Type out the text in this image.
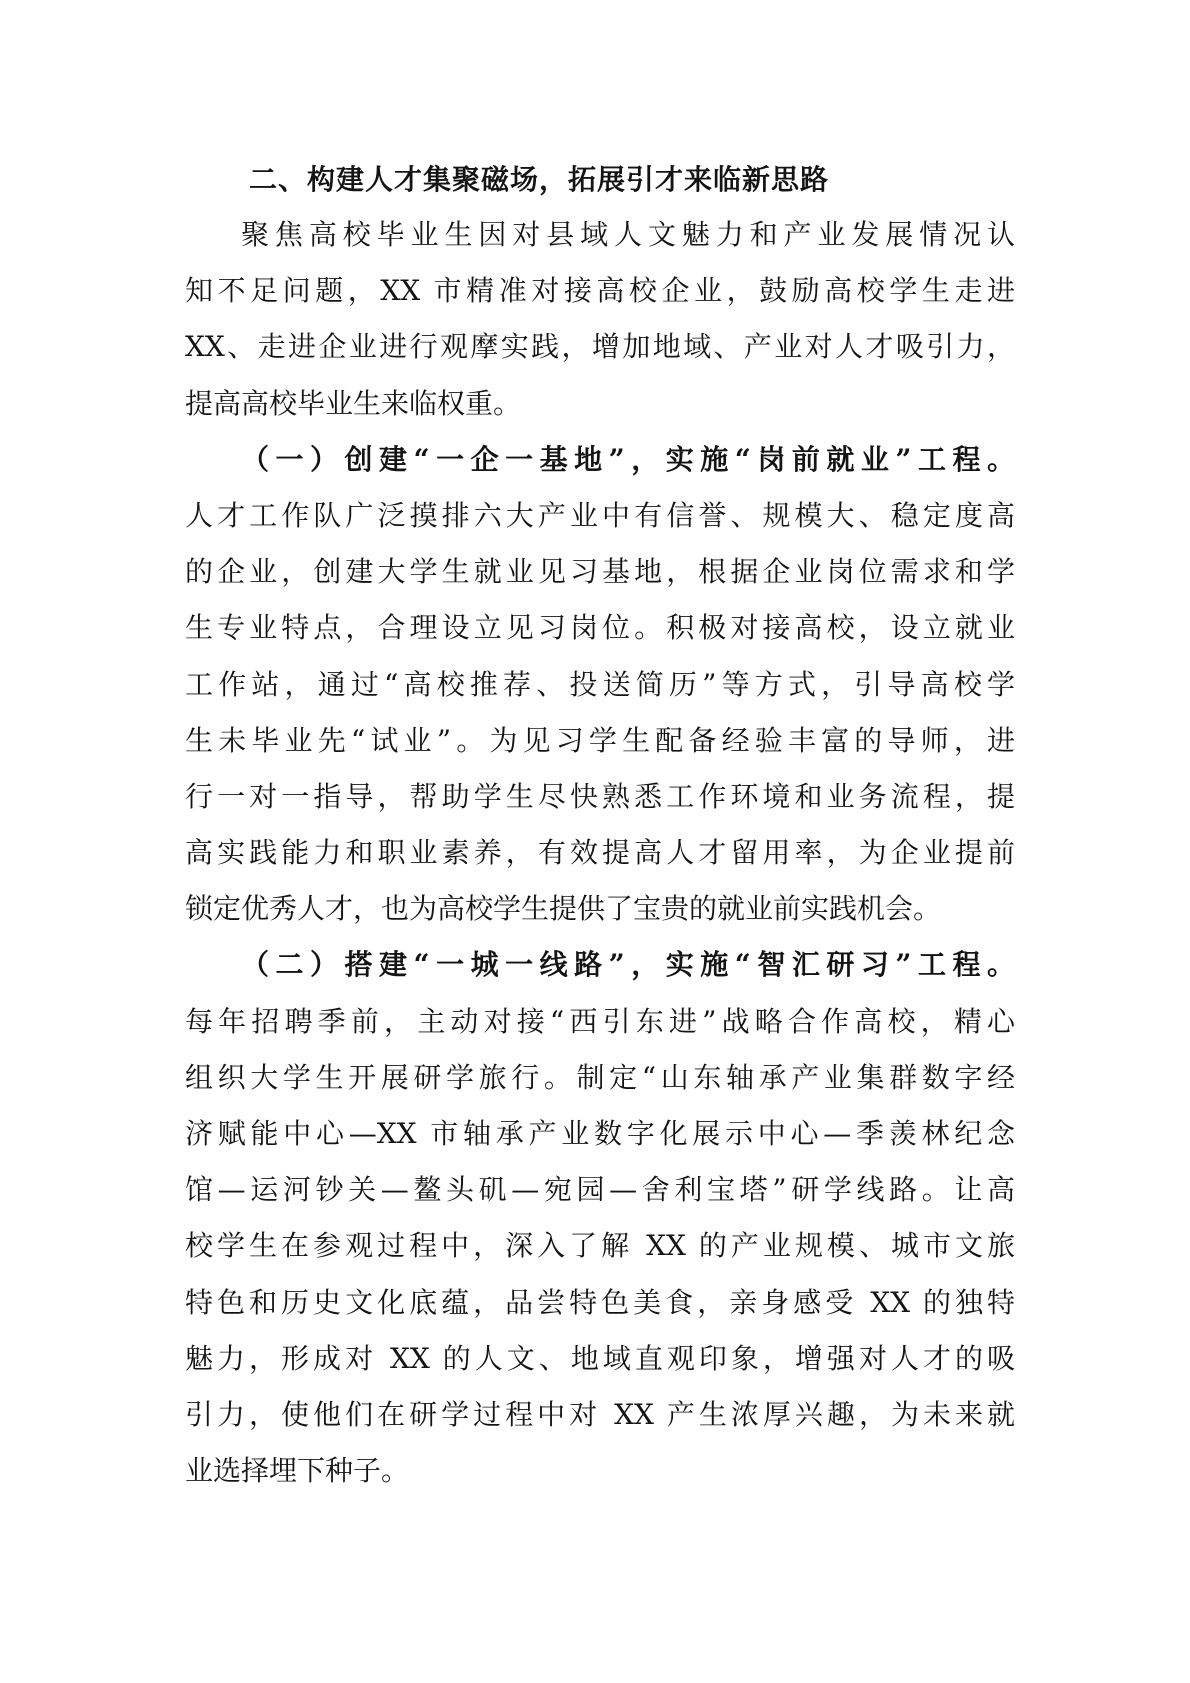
二、构建人才集聚磁场，拓展引才来临新思路

聚焦高校毕业生因对县域人文魅力和产业发展情况认
知不足问题，XX 市精准对接高校企业，鼓励高校学生走进
XX、走进企业进行观摩实践，增加地域、产业对人才吸引力，
提高高校毕业生来临权重。

（一）创建“一企一基地”，实施“岗前就业”工程。
人才工作队广泛摸排六大产业中有信誉、规模大、稳定度高
的企业，创建大学生就业见习基地，根据企业岗位需求和学
生专业特点，合理设立见习岗位。积极对接高校，设立就业
工作站，通过“高校推荐、投送简历”等方式，引导高校学
生未毕业先“试业”。为见习学生配备经验丰富的导师，进
行一对一指导，帮助学生尽快熟悉工作环境和业务流程，提
高实践能力和职业素养，有效提高人才留用率，为企业提前
锁定优秀人才，也为高校学生提供了宝贵的就业前实践机会。

（二）搭建“一城一线路”，实施“智汇研习”工程。
每年招聘季前，主动对接“西引东进”战略合作高校，精心
组织大学生开展研学旅行。制定“山东轴承产业集群数字经
济赋能中心—XX 市轴承产业数字化展示中心—季羡林纪念
馆—运河钞关—鳌头矶—宛园—舍利宝塔”研学线路。让高
校学生在参观过程中，深入了解 XX 的产业规模、城市文旅
特色和历史文化底蕴，品尝特色美食，亲身感受 XX 的独特
魅力，形成对 XX 的人文、地域直观印象，增强对人才的吸
引力，使他们在研学过程中对 XX 产生浓厚兴趣，为未来就
业选择埋下种子。
